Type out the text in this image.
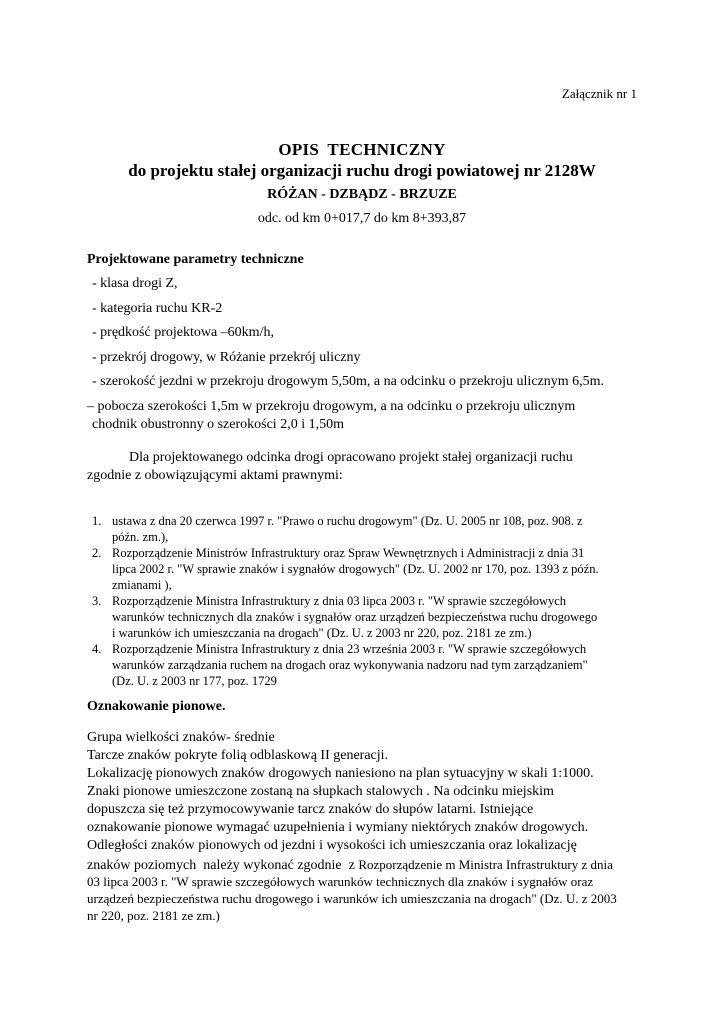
Załącznik nr 1
OPIS TECHNICZNY
do projektu stałej organizacji ruchu drogi powiatowej nr 2128W
RÓŻAN - DZBĄDZ - BRZUZE
odc. od km 0+017,7 do km 8+393,87
Projektowane parametry techniczne
- klasa drogi Z,
- kategoria ruchu KR-2
- prędkość projektowa –60km/h,
- przekrój drogowy, w Różanie przekrój uliczny
- szerokość jezdni w przekroju drogowym 5,50m, a na odcinku o przekroju ulicznym 6,5m.
– pobocza szerokości 1,5m w przekroju drogowym, a na odcinku o przekroju ulicznym
chodnik obustronny o szerokości 2,0 i 1,50m
Dla projektowanego odcinka drogi opracowano projekt stałej organizacji ruchu
zgodnie z obowiązującymi aktami prawnymi:
1. ustawa z dna 20 czerwca 1997 r. "Prawo o ruchu drogowym" (Dz. U. 2005 nr 108, poz. 908. z
późn. zm.),
2. Rozporządzenie Ministrów Infrastruktury oraz Spraw Wewnętrznych i Administracji z dnia 31
lipca 2002 r. "W sprawie znaków i sygnałów drogowych" (Dz. U. 2002 nr 170, poz. 1393 z późn.
zmianami ),
3. Rozporządzenie Ministra Infrastruktury z dnia 03 lipca 2003 r. "W sprawie szczegółowych
warunków technicznych dla znaków i sygnałów oraz urządzeń bezpieczeństwa ruchu drogowego
i warunków ich umieszczania na drogach" (Dz. U. z 2003 nr 220, poz. 2181 ze zm.)
4. Rozporządzenie Ministra Infrastruktury z dnia 23 września 2003 r. "W sprawie szczegółowych
warunków zarządzania ruchem na drogach oraz wykonywania nadzoru nad tym zarządzaniem"
(Dz. U. z 2003 nr 177, poz. 1729
Oznakowanie pionowe.
Grupa wielkości znaków- średnie
Tarcze znaków pokryte folią odblaskową II generacji.
Lokalizację pionowych znaków drogowych naniesiono na plan sytuacyjny w skali 1:1000.
Znaki pionowe umieszczone zostaną na słupkach stalowych . Na odcinku miejskim
dopuszcza się też przymocowywanie tarcz znaków do słupów latarni. Istniejące
oznakowanie pionowe wymagać uzupełnienia i wymiany niektórych znaków drogowych.
Odległości znaków pionowych od jezdni i wysokości ich umieszczania oraz lokalizację
znaków poziomych  należy wykonać zgodnie  z Rozporządzenie m Ministra Infrastruktury z dnia
03 lipca 2003 r. "W sprawie szczegółowych warunków technicznych dla znaków i sygnałów oraz
urządzeń bezpieczeństwa ruchu drogowego i warunków ich umieszczania na drogach" (Dz. U. z 2003
nr 220, poz. 2181 ze zm.)
